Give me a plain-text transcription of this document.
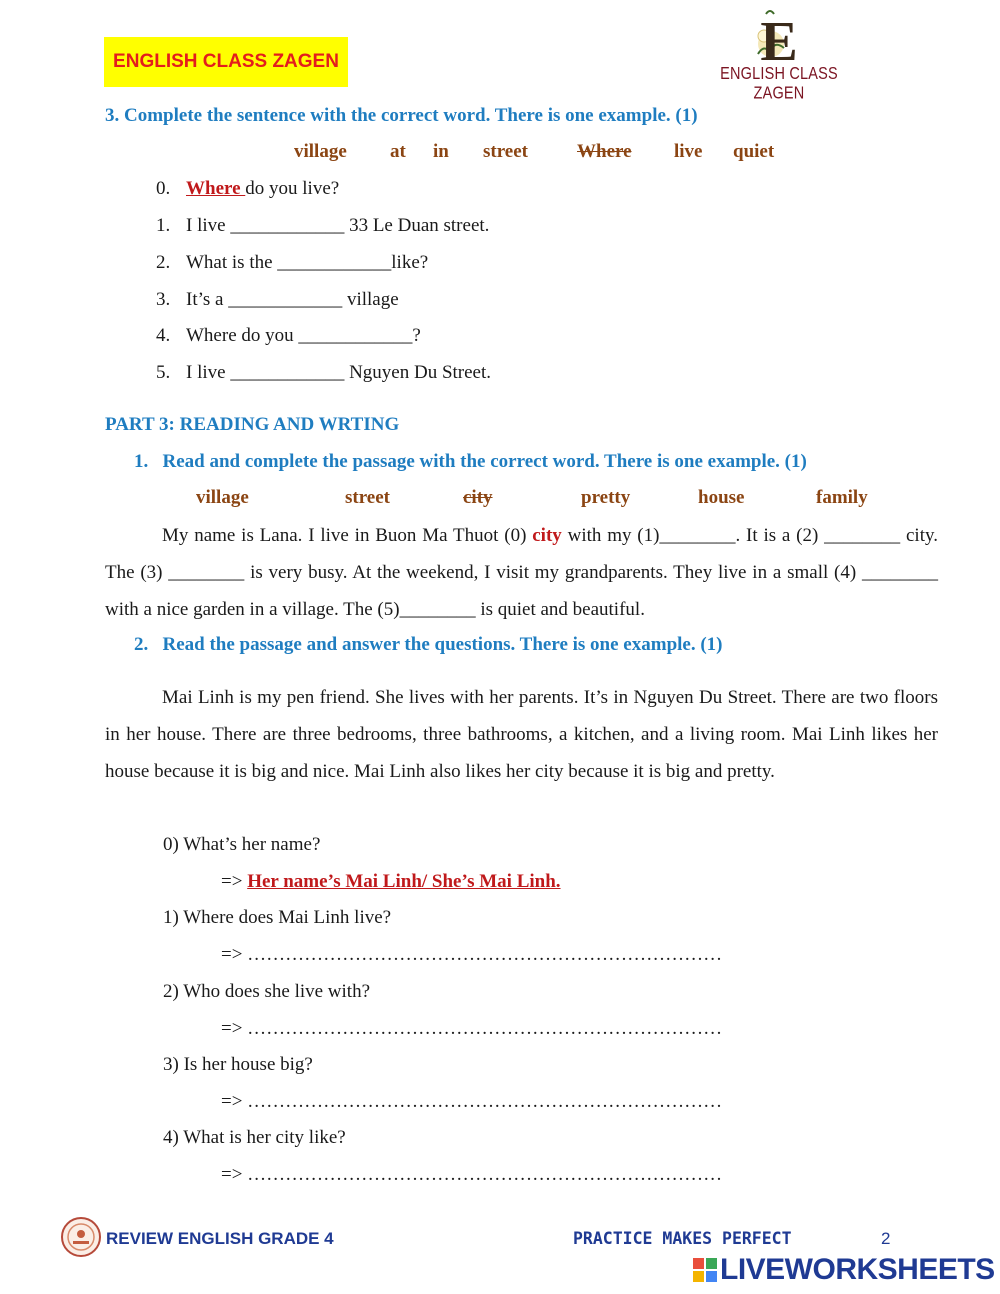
ENGLISH CLASS ZAGEN	E
ENGLISH CLASS ZAGEN
3. Complete the sentence with the correct word. There is one example. (1)
village at in street	Where live quiet
0. Where do you live?
1. I live ____________ 33 Le Duan street.
2. What is the ____________like?
3. It’s a ____________ village
4. Where do you ____________?
5. I live ____________ Nguyen Du Street.
PART 3: READING AND WRTING
1.   Read and complete the passage with the correct word. There is one example. (1)
village	street	city	pretty	house	family
My name is Lana. I live in Buon Ma Thuot (0) city with my (1)________. It is a (2) ________ city. The (3) ________ is very busy. At the weekend, I visit my grandparents. They live in a small (4) ________ with a nice garden in a village. The (5)________ is quiet and beautiful.
2.   Read the passage and answer the questions. There is one example. (1)
Mai Linh is my pen friend. She lives with her parents. It’s in Nguyen Du Street. There are two floors in her house. There are three bedrooms, three bathrooms, a kitchen, and a living room. Mai Linh likes her house because it is big and nice. Mai Linh also likes her city because it is big and pretty.
0) What’s her name?
=> Her name’s Mai Linh/ She’s Mai Linh.
1) Where does Mai Linh live?
=> …………………………………………………………………
2) Who does she live with?
=> …………………………………………………………………
3) Is her house big?
=> …………………………………………………………………
4) What is her city like?
=> …………………………………………………………………
REVIEW ENGLISH GRADE 4	PRACTICE MAKES PERFECT	2
LIVEWORKSHEETS
